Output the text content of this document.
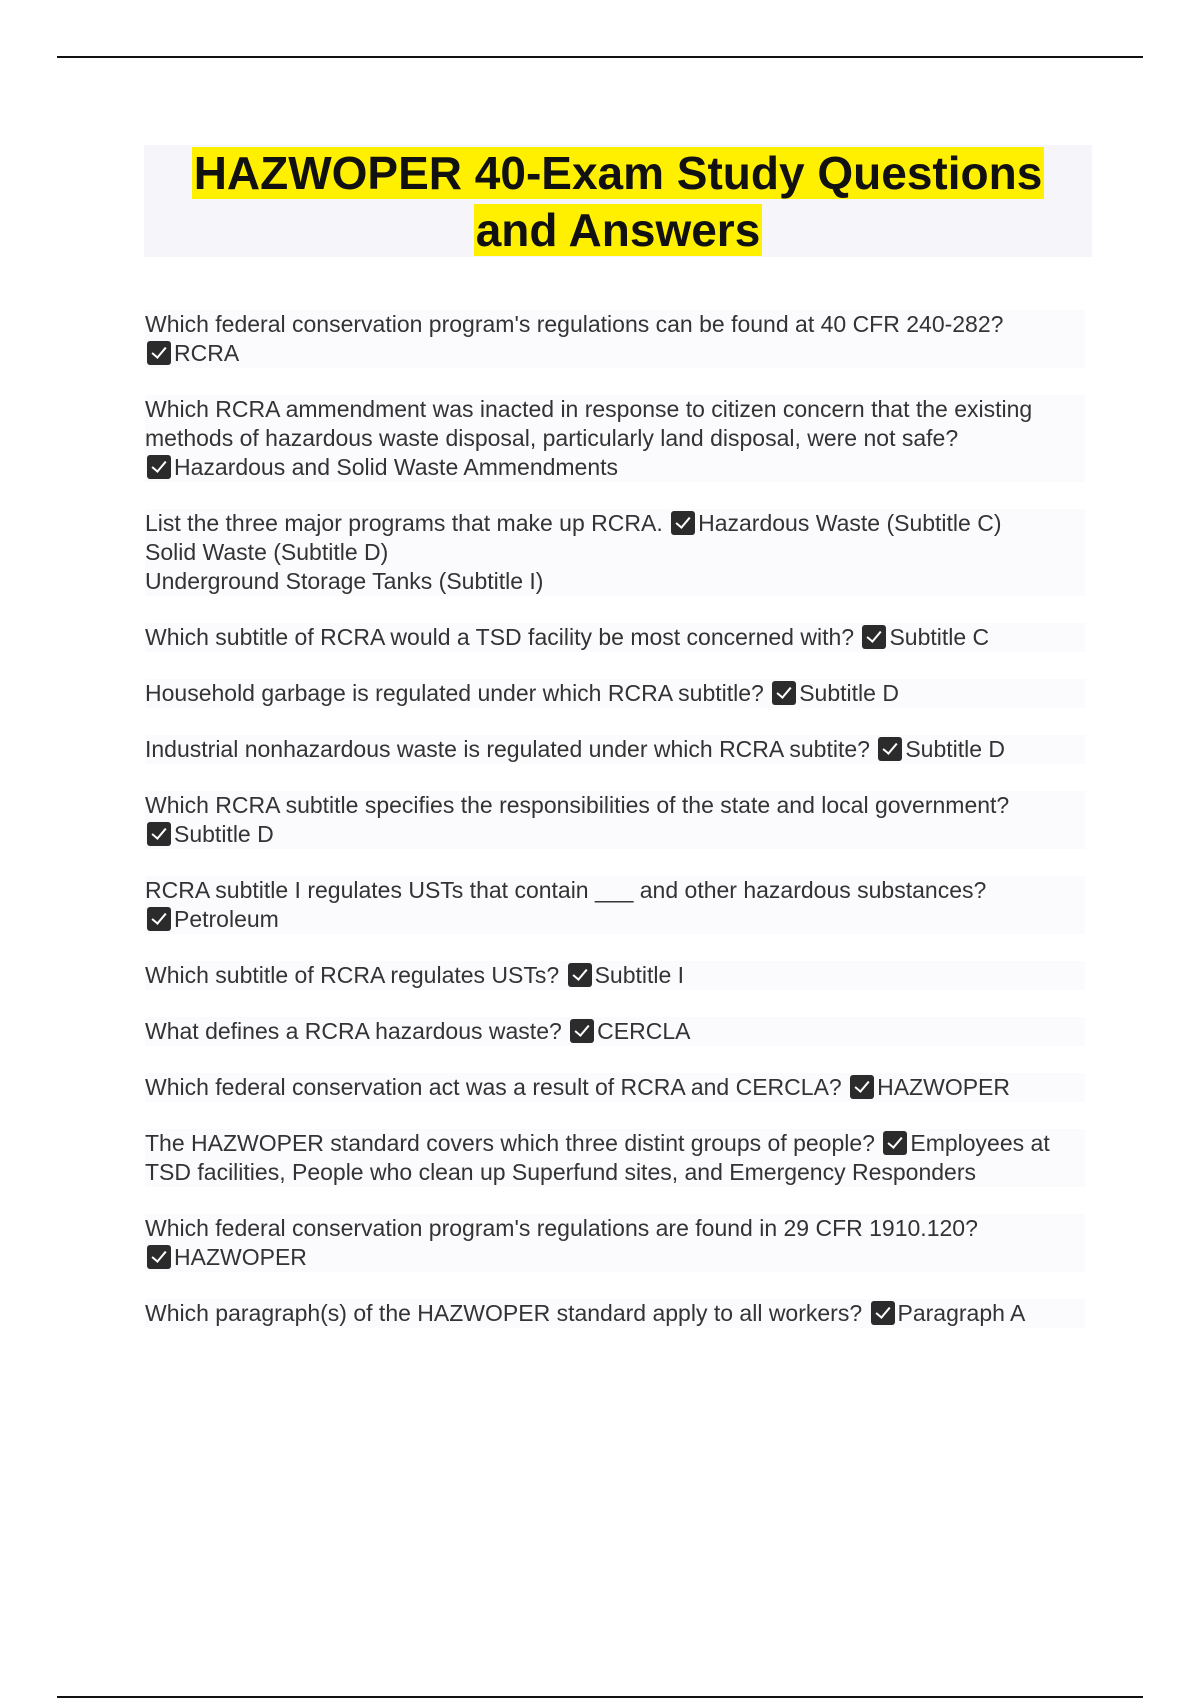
HAZWOPER 40-Exam Study Questions
and Answers
Which federal conservation program's regulations can be found at 40 CFR 240-282?
RCRA
Which RCRA ammendment was inacted in response to citizen concern that the existing methods of hazardous waste disposal, particularly land disposal, were not safe?
Hazardous and Solid Waste Ammendments
List the three major programs that make up RCRA. Hazardous Waste (Subtitle C)
Solid Waste (Subtitle D)
Underground Storage Tanks (Subtitle I)
Which subtitle of RCRA would a TSD facility be most concerned with? Subtitle C
Household garbage is regulated under which RCRA subtitle? Subtitle D
Industrial nonhazardous waste is regulated under which RCRA subtite? Subtitle D
Which RCRA subtitle specifies the responsibilities of the state and local government?
Subtitle D
RCRA subtitle I regulates USTs that contain ___ and other hazardous substances?
Petroleum
Which subtitle of RCRA regulates USTs? Subtitle I
What defines a RCRA hazardous waste? CERCLA
Which federal conservation act was a result of RCRA and CERCLA? HAZWOPER
The HAZWOPER standard covers which three distint groups of people? Employees at TSD facilities, People who clean up Superfund sites, and Emergency Responders
Which federal conservation program's regulations are found in 29 CFR 1910.120?
HAZWOPER
Which paragraph(s) of the HAZWOPER standard apply to all workers? Paragraph A
